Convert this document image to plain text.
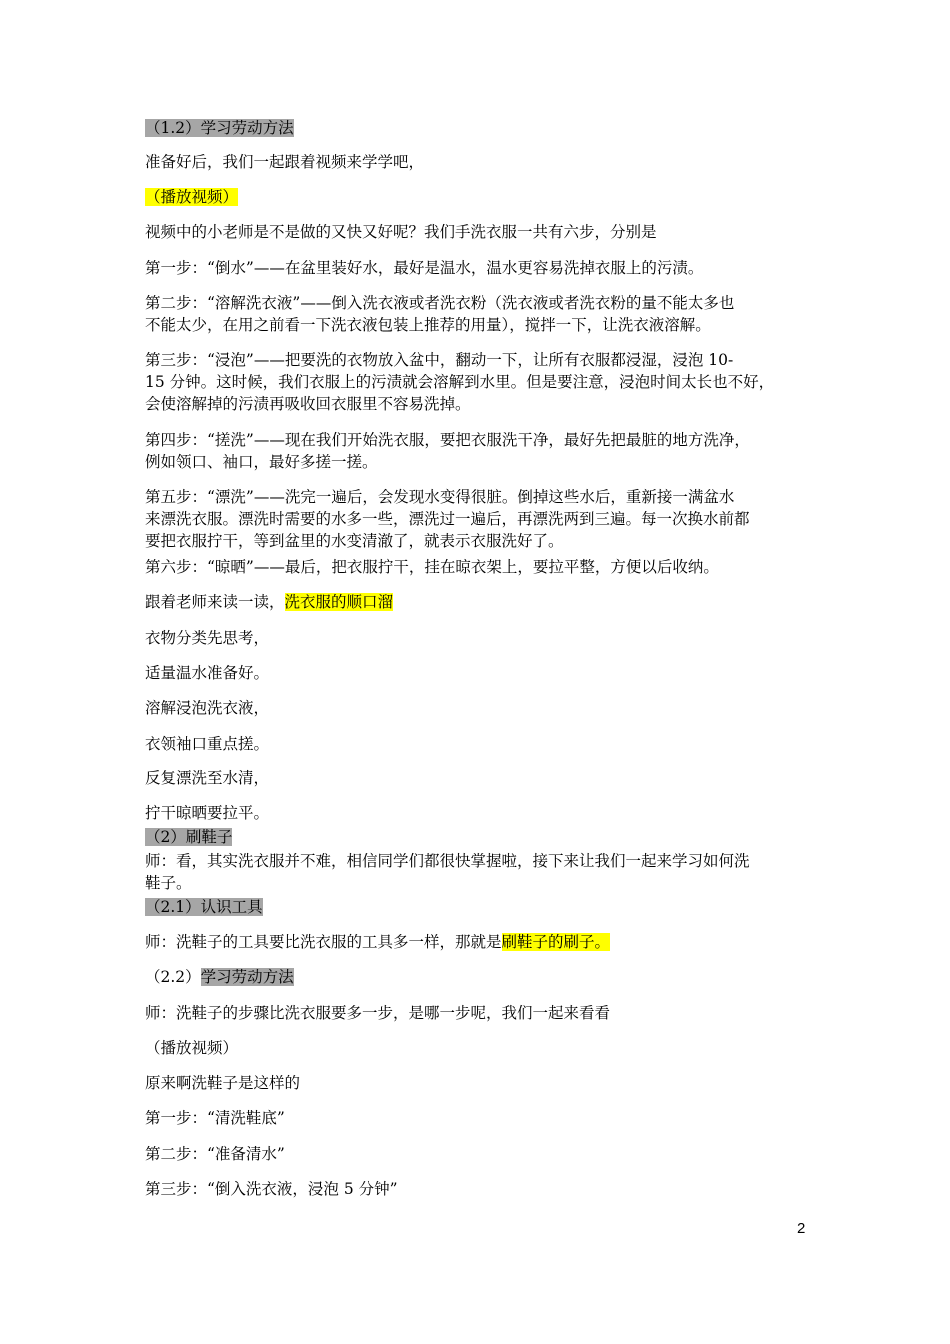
（1.2）学习劳动方法
准备好后，我们一起跟着视频来学学吧，
（播放视频）
视频中的小老师是不是做的又快又好呢？我们手洗衣服一共有六步，分别是
第一步：“倒水”——在盆里装好水，最好是温水，温水更容易洗掉衣服上的污渍。
第二步：“溶解洗衣液”——倒入洗衣液或者洗衣粉（洗衣液或者洗衣粉的量不能太多也
不能太少，在用之前看一下洗衣液包装上推荐的用量），搅拌一下，让洗衣液溶解。
第三步：“浸泡”——把要洗的衣物放入盆中，翻动一下，让所有衣服都浸湿，浸泡 10-
15 分钟。这时候，我们衣服上的污渍就会溶解到水里。但是要注意，浸泡时间太长也不好，
会使溶解掉的污渍再吸收回衣服里不容易洗掉。
第四步：“搓洗”——现在我们开始洗衣服，要把衣服洗干净，最好先把最脏的地方洗净，
例如领口、袖口，最好多搓一搓。
第五步：“漂洗”——洗完一遍后，会发现水变得很脏。倒掉这些水后，重新接一满盆水
来漂洗衣服。漂洗时需要的水多一些，漂洗过一遍后，再漂洗两到三遍。每一次换水前都
要把衣服拧干，等到盆里的水变清澈了，就表示衣服洗好了。
第六步：“晾晒”——最后，把衣服拧干，挂在晾衣架上，要拉平整，方便以后收纳。
跟着老师来读一读，洗衣服的顺口溜
衣物分类先思考，
适量温水准备好。
溶解浸泡洗衣液，
衣领袖口重点搓。
反复漂洗至水清，
拧干晾晒要拉平。
（2）刷鞋子
师：看，其实洗衣服并不难，相信同学们都很快掌握啦，接下来让我们一起来学习如何洗
鞋子。
（2.1）认识工具
师：洗鞋子的工具要比洗衣服的工具多一样，那就是刷鞋子的刷子。
（2.2）学习劳动方法
师：洗鞋子的步骤比洗衣服要多一步，是哪一步呢，我们一起来看看
（播放视频）
原来啊洗鞋子是这样的
第一步：“清洗鞋底”
第二步：“准备清水”
第三步：“倒入洗衣液，浸泡 5 分钟”
2
